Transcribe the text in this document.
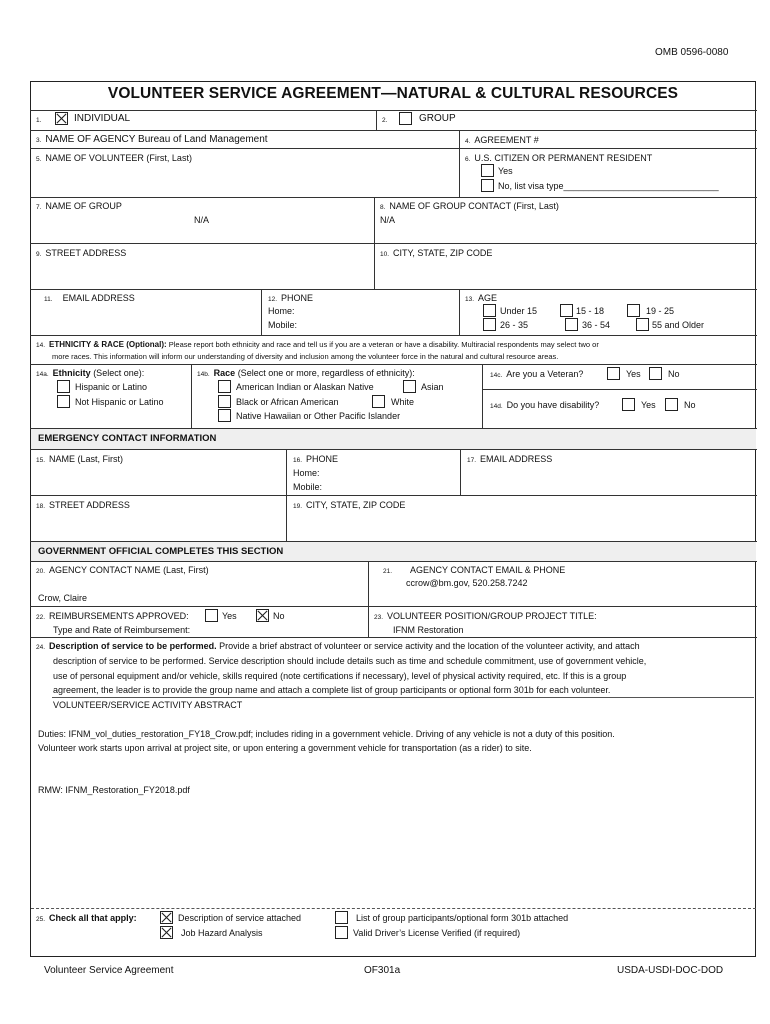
OMB 0596-0080
VOLUNTEER SERVICE AGREEMENT—NATURAL & CULTURAL RESOURCES
1.	INDIVIDUAL	2.	GROUP
3. NAME OF AGENCY Bureau of Land Management	4. AGREEMENT #
5. NAME OF VOLUNTEER (First, Last)	6. U.S. CITIZEN OR PERMANENT RESIDENT
Yes
No, list visa type_______________________________
7. NAME OF GROUP
N/A
8. NAME OF GROUP CONTACT (First, Last)
N/A
9. STREET ADDRESS	10. CITY, STATE, ZIP CODE
11. EMAIL ADDRESS	12. PHONE
Home:
Mobile:
13. AGE
Under 15	15 - 18	19 - 25
26 - 35	36 - 54	55 and Older
14. ETHNICITY & RACE (Optional): Please report both ethnicity and race and tell us if you are a veteran or have a disability. Multiracial respondents may select two or
more races. This information will inform our understanding of diversity and inclusion among the volunteer force in the natural and cultural resource areas.
14a. Ethnicity (Select one):
Hispanic or Latino
Not Hispanic or Latino
14b. Race (Select one or more, regardless of ethnicity):
American Indian or Alaskan Native	Asian
Black or African American	White
Native Hawaiian or Other Pacific Islander
14c. Are you a Veteran?	Yes	No
14d. Do you have disability?	Yes	No
EMERGENCY CONTACT INFORMATION
15. NAME (Last, First)	16. PHONE
Home:
Mobile:
17. EMAIL ADDRESS
18. STREET ADDRESS	19. CITY, STATE, ZIP CODE
GOVERNMENT OFFICIAL COMPLETES THIS SECTION
20. AGENCY CONTACT NAME (Last, First)
Crow, Claire
21. AGENCY CONTACT EMAIL & PHONE
ccrow@bm.gov, 520.258.7242
22. REIMBURSEMENTS APPROVED:	Yes	No
Type and Rate of Reimbursement:
23. VOLUNTEER POSITION/GROUP PROJECT TITLE:
IFNM Restoration
24. Description of service to be performed. Provide a brief abstract of volunteer or service activity and the location of the volunteer activity, and attach
description of service to be performed. Service description should include details such as time and schedule commitment, use of government vehicle,
use of personal equipment and/or vehicle, skills required (note certifications if necessary), level of physical activity required, etc. If this is a group
agreement, the leader is to provide the group name and attach a complete list of group participants or optional form 301b for each volunteer.
VOLUNTEER/SERVICE ACTIVITY ABSTRACT
Duties: IFNM_vol_duties_restoration_FY18_Crow.pdf; includes riding in a government vehicle. Driving of any vehicle is not a duty of this position.
Volunteer work starts upon arrival at project site, or upon entering a government vehicle for transportation (as a rider) to site.
RMW: IFNM_Restoration_FY2018.pdf
25. Check all that apply:	Description of service attached
Job Hazard Analysis
List of group participants/optional form 301b attached
Valid Driver’s License Verified (if required)
Volunteer Service Agreement	OF301a	USDA-USDI-DOC-DOD
